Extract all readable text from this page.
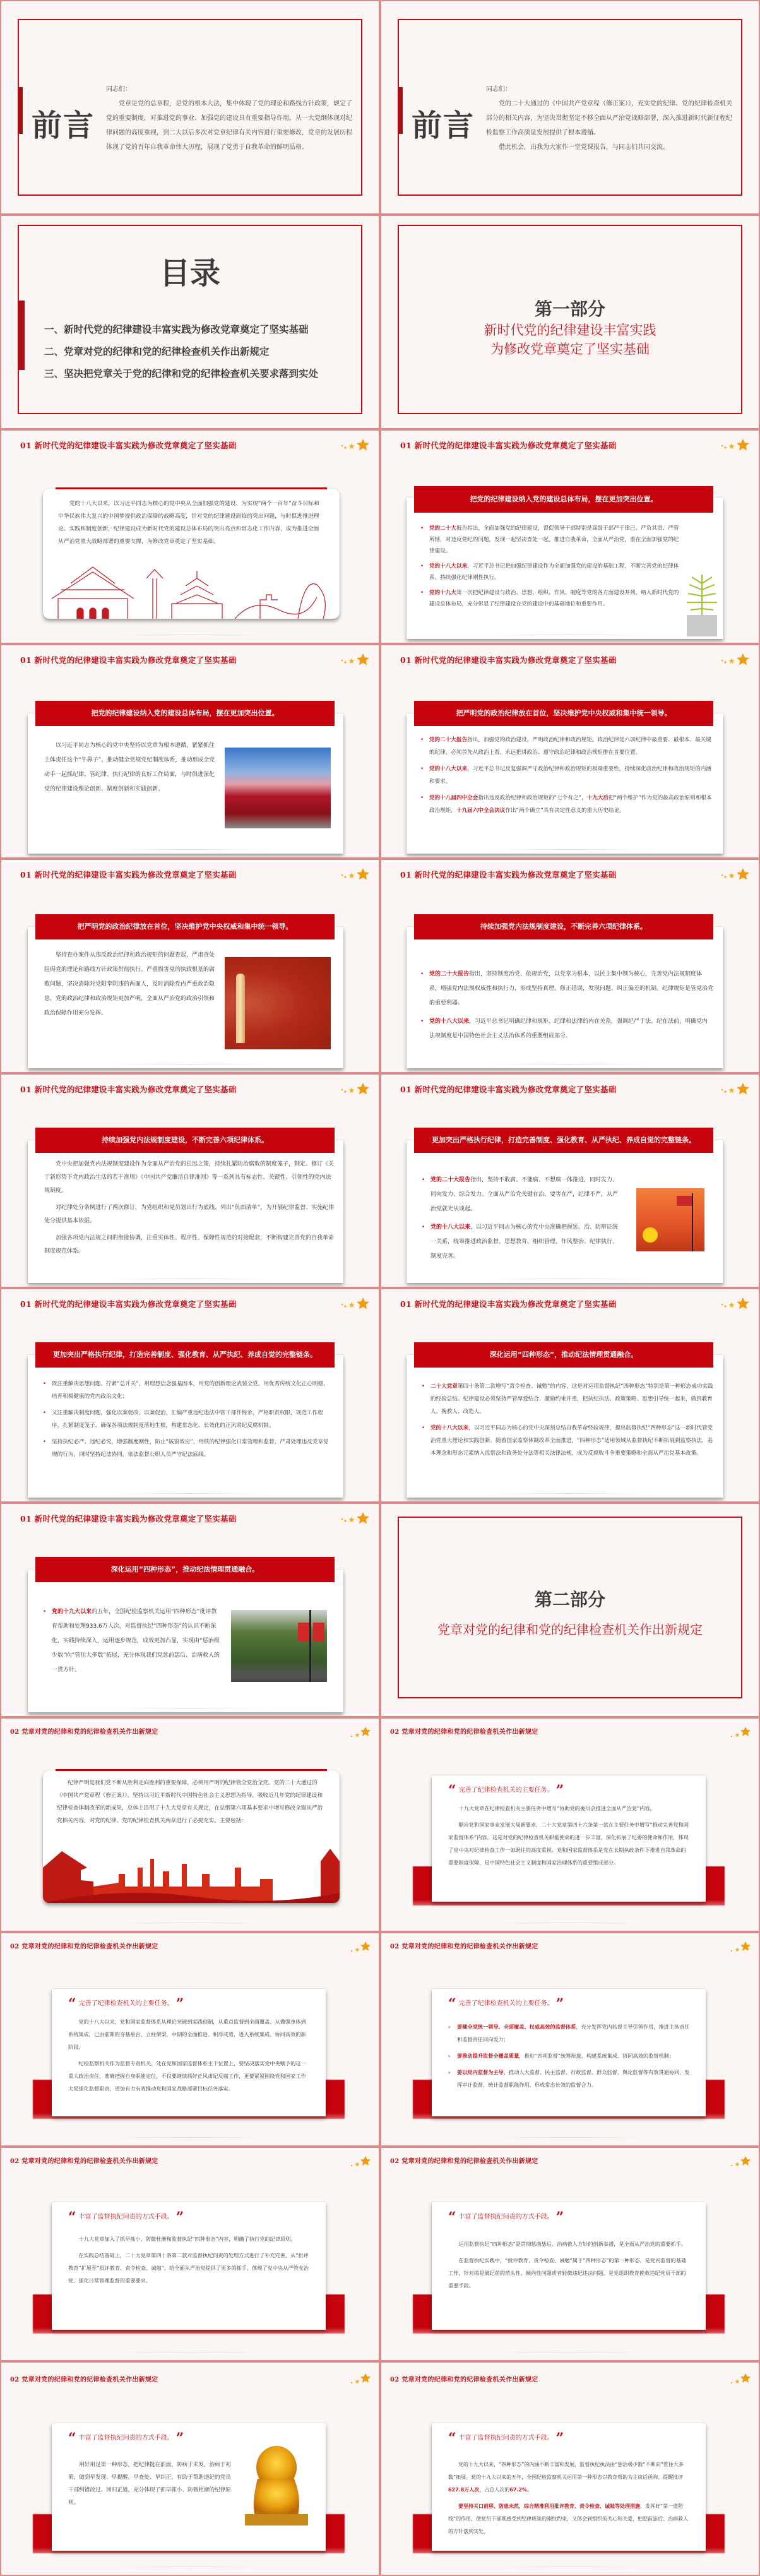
前言

同志们：

党章是党的总章程，是党的根本大法，集中体现了党的理论和路线方针政策，规定了党的重要制度，对推进党的事业、加强党的建设具有重要指导作用。从一大党纲体现对纪律问题的高度重视，到二大以后多次对党章纪律有关内容进行重要修改，党章的发展历程体现了党的百年自我革命伟大历程，展现了党勇于自我革命的鲜明品格。

前言

同志们：

党的二十大通过的《中国共产党章程（修正案）》，充实党的纪律、党的纪律检查机关部分的相关内容，为坚决贯彻坚定不移全面从严治党战略部署，深入推进新时代新征程纪检监察工作高质量发展提供了根本遵循。

借此机会，由我为大家作一堂党课报告，与同志们共同交流。

目录
一、新时代党的纪律建设丰富实践为修改党章奠定了坚实基础
二、党章对党的纪律和党的纪律检查机关作出新规定
三、坚决把党章关于党的纪律和党的纪律检查机关要求落到实处
第一部分
新时代党的纪律建设丰富实践
为修改党章奠定了坚实基础
01 新时代党的纪律建设丰富实践为修改党章奠定了坚实基础

党的十八大以来，以习近平同志为核心的党中央从全面加强党的建设、为实现“两个一百年”奋斗目标和中华民族伟大复兴的中国梦提供政治保障的战略高度，针对党的纪律建设面临的突出问题，与时俱进推进理论、实践和制度创新，纪律建设成为新时代党的建设总体布局的突出亮点和常态化工作内容，成为推进全面从严治党重大战略部署的重要支撑，为修改党章奠定了坚实基础。

01 新时代党的纪律建设丰富实践为修改党章奠定了坚实基础
把党的纪律建设纳入党的建设总体布局，摆在更加突出位置。
• 党的二十大报告指出，全面加强党的纪律建设，督促领导干部特别是高级干部严于律己、严负其责、严管所辖，对违反党纪的问题，发现一起坚决查处一起。推进自我革命，全面从严治党，重在全面加强党的纪律建设。
• 党的十八大以来，习近平总书记把加强纪律建设作为全面加强党的建设的基础工程，不断完善党的纪律体系，持续强化纪律刚性执行。
• 党的十九大第一次把纪律建设与政治、思想、组织、作风、制度等党的各方面建设并列，纳入新时代党的建设总体布局，充分彰显了纪律建设在党的建设中的基础地位和重要作用。
01 新时代党的纪律建设丰富实践为修改党章奠定了坚实基础
把党的纪律建设纳入党的建设总体布局，摆在更加突出位置。

以习近平同志为核心的党中央坚持以党章为根本遵循，紧紧抓住主体责任这个“牛鼻子”，推动健全党规党纪制度体系，推动形成全党动手一起抓纪律、管纪律、执行纪律的良好工作局面，与时俱进深化党的纪律建设理论创新、制度创新和实践创新。

01 新时代党的纪律建设丰富实践为修改党章奠定了坚实基础
把严明党的政治纪律放在首位，坚决维护党中央权威和集中统一领导。
• 党的二十大报告指出，加强党的政治建设，严明政治纪律和政治规矩。政治纪律是六项纪律中最重要、最根本、最关键的纪律，必须首先从政治上看，永远把讲政治、遵守政治纪律和政治规矩排在首要位置。
• 党的十八大以来，习近平总书记反复强调严守政治纪律和政治规矩的极端重要性，持续深化政治纪律和政治规矩的内涵和要求。
• 党的十八届四中全会指出违反政治纪律和政治规矩的“七个有之”，十九大后把“两个维护”作为党的最高政治原则和根本政治规矩，十九届六中全会决议作出“两个确立”具有决定性意义的重大历史结论。
01 新时代党的纪律建设丰富实践为修改党章奠定了坚实基础
把严明党的政治纪律放在首位，坚决维护党中央权威和集中统一领导。

坚持查办案件从违反政治纪律和政治规矩的问题查起，严肃查处阻碍党的理论和路线方针政策贯彻执行、严重损害党的执政根基的腐败问题，坚决清除对党阳奉阴违的两面人，及时消除党内严重政治隐患，党的政治纪律和政治规矩更加严明，全面从严治党的政治引领和政治保障作用充分发挥。

01 新时代党的纪律建设丰富实践为修改党章奠定了坚实基础
持续加强党内法规制度建设，不断完善六项纪律体系。
• 党的二十大报告指出，坚持制度治党、依规治党，以党章为根本，以民主集中制为核心，完善党内法规制度体系，增强党内法规权威性和执行力，形成坚持真理、修正错误，发现问题、纠正偏差的机制。纪律规矩是管党治党的重要利器。
• 党的十八大以来，习近平总书记明确纪律和规矩、纪律和法律的内在关系，强调纪严于法、纪在法前，明确党内法规制度是中国特色社会主义法治体系的重要组成部分。
01 新时代党的纪律建设丰富实践为修改党章奠定了坚实基础
持续加强党内法规制度建设，不断完善六项纪律体系。

党中央把加强党内法规制度建设作为全面从严治党的长远之策，持续扎紧防治腐败的制度笼子，制定、修订《关于新形势下党内政治生活的若干准则》《中国共产党廉洁自律准则》等一系列具有标志性、关键性、引领性的党内法规制度。

对纪律处分条例进行了两次修订，为党组织和党员划出行为底线、列出“负面清单”，为开展纪律监督、实施纪律处分提供基本依据。

加强各项党内法规之间的衔接协调，注重实体性、程序性、保障性规范的对接配套，不断构建完善党的自我革命制度规范体系。

01 新时代党的纪律建设丰富实践为修改党章奠定了坚实基础
更加突出严格执行纪律，打造完善制度、强化教育、从严执纪、养成自觉的完整链条。
• 党的二十大报告指出，坚持不敢腐、不能腐、不想腐一体推进，同时发力、同向发力、综合发力。全面从严治党关键在治、要害在严，纪律不严，从严治党就无从谈起。
• 党的十八大以来，以习近平同志为核心的党中央准确把握惩、治、防辩证统一关系，统筹推进政治监督、思想教育、组织管理、作风整治、纪律执行、制度完善。
01 新时代党的纪律建设丰富实践为修改党章奠定了坚实基础
更加突出严格执行纪律，打造完善制度、强化教育、从严执纪、养成自觉的完整链条。
• 既注重解决思想问题、拧紧“总开关”，用理想信念强基固本，用党的创新理论武装全党，用优秀传统文化正心明德，培育积极健康的党内政治文化；
• 又注重解决制度问题，强化以案促改、以案促治，汇编严重违纪违法中管干部忏悔录，严格职责权限，规范工作程序，扎紧制度笼子，确保各项法规制度落地生根，构建常态化、长效化的正风肃纪反腐机制。
• 坚持执纪必严、违纪必究，增强制度刚性，防止“破窗效应”，用铁的纪律强化日常管理和监督，严肃处理违反党章党规的行为，同时坚持纪法协同，依法监督公职人员严守纪法底线。
01 新时代党的纪律建设丰富实践为修改党章奠定了坚实基础
深化运用“四种形态”，推动纪法情理贯通融合。
• 二十大党章第四十条第二款增写“责令检查、诫勉”的内容，这是对运用监督执纪“四种形态”特别是第一种形态成功实践的经验总结。纪律建设必须坚持严管厚爱结合、激励约束并重，把执纪执法、政策策略、思想引导统一起来，做到教育人、挽救人、改造人。
• 党的十八大以来，以习近平同志为核心的党中央深刻总结自我革命经验规律，提出监督执纪“四种形态”这一新时代管党治党重大理论和实践创新。随着国家监察体制改革全面推进，“四种形态”适用领域从监督执纪不断拓展到监察执法，基本理念和形态元素纳入监察法和政务处分法等相关法律法规，成为反腐败斗争重要策略和全面从严治党基本政策。
01 新时代党的纪律建设丰富实践为修改党章奠定了坚实基础
深化运用“四种形态”，推动纪法情理贯通融合。
• 党的十九大以来的五年，全国纪检监察机关运用“四种形态”批评教育帮助和处理933.6万人次，对监督执纪“四种形态”的认识不断深化，实践持续深入，运用逐步规范，成效更加凸显，实现由“惩治极少数”向“管住大多数”拓展，充分体现我们党惩前毖后、治病救人的一贯方针。
第二部分
党章对党的纪律和党的纪律检查机关作出新规定
02 党章对党的纪律和党的纪律检查机关作出新规定

纪律严明是我们党不断从胜利走向胜利的重要保障，必须用严明的纪律管全党治全党。党的二十大通过的《中国共产党章程（修正案）》，坚持以习近平新时代中国特色社会主义思想为指导，吸收近几年党的纪律建设和纪律检查体制改革的新成果，总体上沿用了十九大党章有关规定，在总纲第六项基本要求中增写修改全面从严治党相关内容，对党的纪律、党的纪律检查机关两章进行了必要充实。主要包括：

02 党章对党的纪律和党的纪律检查机关作出新规定
“ 完善了纪律检查机关的主要任务。 ”

十九大党章在纪律检查机关主要任务中增写“协助党的委员会推进全面从严治党”内容。

顺应党和国家事业发展大局新要求，二十大党章第四十六条第一款在主要任务中增写“推动完善党和国家监督体系”内容，这是对党的纪律检查机关职能使命的进一步丰富，深化拓展了纪委的使命和作用，体现了党中央对纪律检查工作一如既往的高度重视。党和国家监督体系是党在长期执政条件下推进自我革命的重要制度保障，是中国特色社会主义制度和国家治理体系的重要组成部分。

02 党章对党的纪律和党的纪律检查机关作出新规定
“ 完善了纪律检查机关的主要任务。 ”

党的十八大以来，党和国家监督体系从理论突破到实践创制，从重点监督到全面覆盖、从做强单体到系统集成，已由前期的夯基垒台、立柱架梁，中期的全面推进、积厚成势，进入系统集成、协同高效的新阶段。

纪检监察机关作为监督专责机关，处在党和国家监督体系主干位置上，要坚决落实党中央赋予的这一重大政治责任，准确把握自身职能定位，不仅要继续抓好正风肃纪反腐工作，更要紧紧围绕党和国家工作大局强化监督职责，更加有力有效推动党和国家战略部署目标任务落实。

02 党章对党的纪律和党的纪律检查机关作出新规定
“ 完善了纪律检查机关的主要任务。 ”
› 要健全党统一领导、全面覆盖、权威高效的监督体系，充分发挥党内监督主导引领作用，推进主体责任和监督责任同向发力；
› 要推动提升监督全覆盖质量，推进“四项监督”统筹衔接，构建系统集成、协同高效的监督机制；
› 要以党内监督为主导，推动人大监督、民主监督、行政监督、群众监督、舆论监督等有效贯通协同，发挥审计监督、统计监督职能作用，形成常态长效的监督合力。
02 党章对党的纪律和党的纪律检查机关作出新规定
“ 丰富了监督执纪问责的方式手段。 ”

十九大党章加入了抓早抓小、防微杜渐和监督执纪“四种形态”内容，明确了执行党的纪律原则。

在实践总结基础上，二十大党章第四十条第二款对监督执纪问责的处理方式进行了补充完善，从“批评教育”扩展至“批评教育、责令检查、诫勉”，给全面从严治党提供了更多的抓手，体现了党中央从严管党治党、强化日常管理监督的重要要求。

02 党章对党的纪律和党的纪律检查机关作出新规定
“ 丰富了监督执纪问责的方式手段。 ”

运用监督执纪“四种形态”是贯彻惩前毖后、治病救人方针的创新举措，是全面从严治党的重要抓手。

在监督执纪实践中，“批评教育、责令检查、诫勉”属于“四种形态”的第一种形态，是党内监督的基础工作，针对的是破纪前的苗头性、倾向性问题或者轻微违纪违法问题，是党组织教育挽救违纪党员干部的重要手段。

02 党章对党的纪律和党的纪律检查机关作出新规定
“ 丰富了监督执纪问责的方式手段。 ”

用好用足第一种形态，把纪律挺在前面，防病于未发，治病于初萌，做到早发现、早提醒、早查处、早纠正，有助于帮助违纪的党员干部纠错改过、回归正道，充分体现了抓早抓小、防微杜渐的纪律原则。

02 党章对党的纪律和党的纪律检查机关作出新规定
“ 丰富了监督执纪问责的方式手段。 ”

党的十九大以来，“四种形态”的内涵不断丰富和发展，监督执纪执法由“惩治极少数”不断向“管住大多数”拓展。党的十九大以来的五年，全国纪检监察机关运用第一种形态以教育帮助为主谈话函询、提醒批评627.8万人次，占总人次的67.2%。

要坚持关口前移、防患未然，综合精准利用批评教育、责令检查、诫勉等处理措施，发挥好“第一道防线”的作用，使党员干部既感受到纪律规矩的刚性约束，又体会到组织的关心和关爱，把惩前毖后、治病救人的方针落到实处。
